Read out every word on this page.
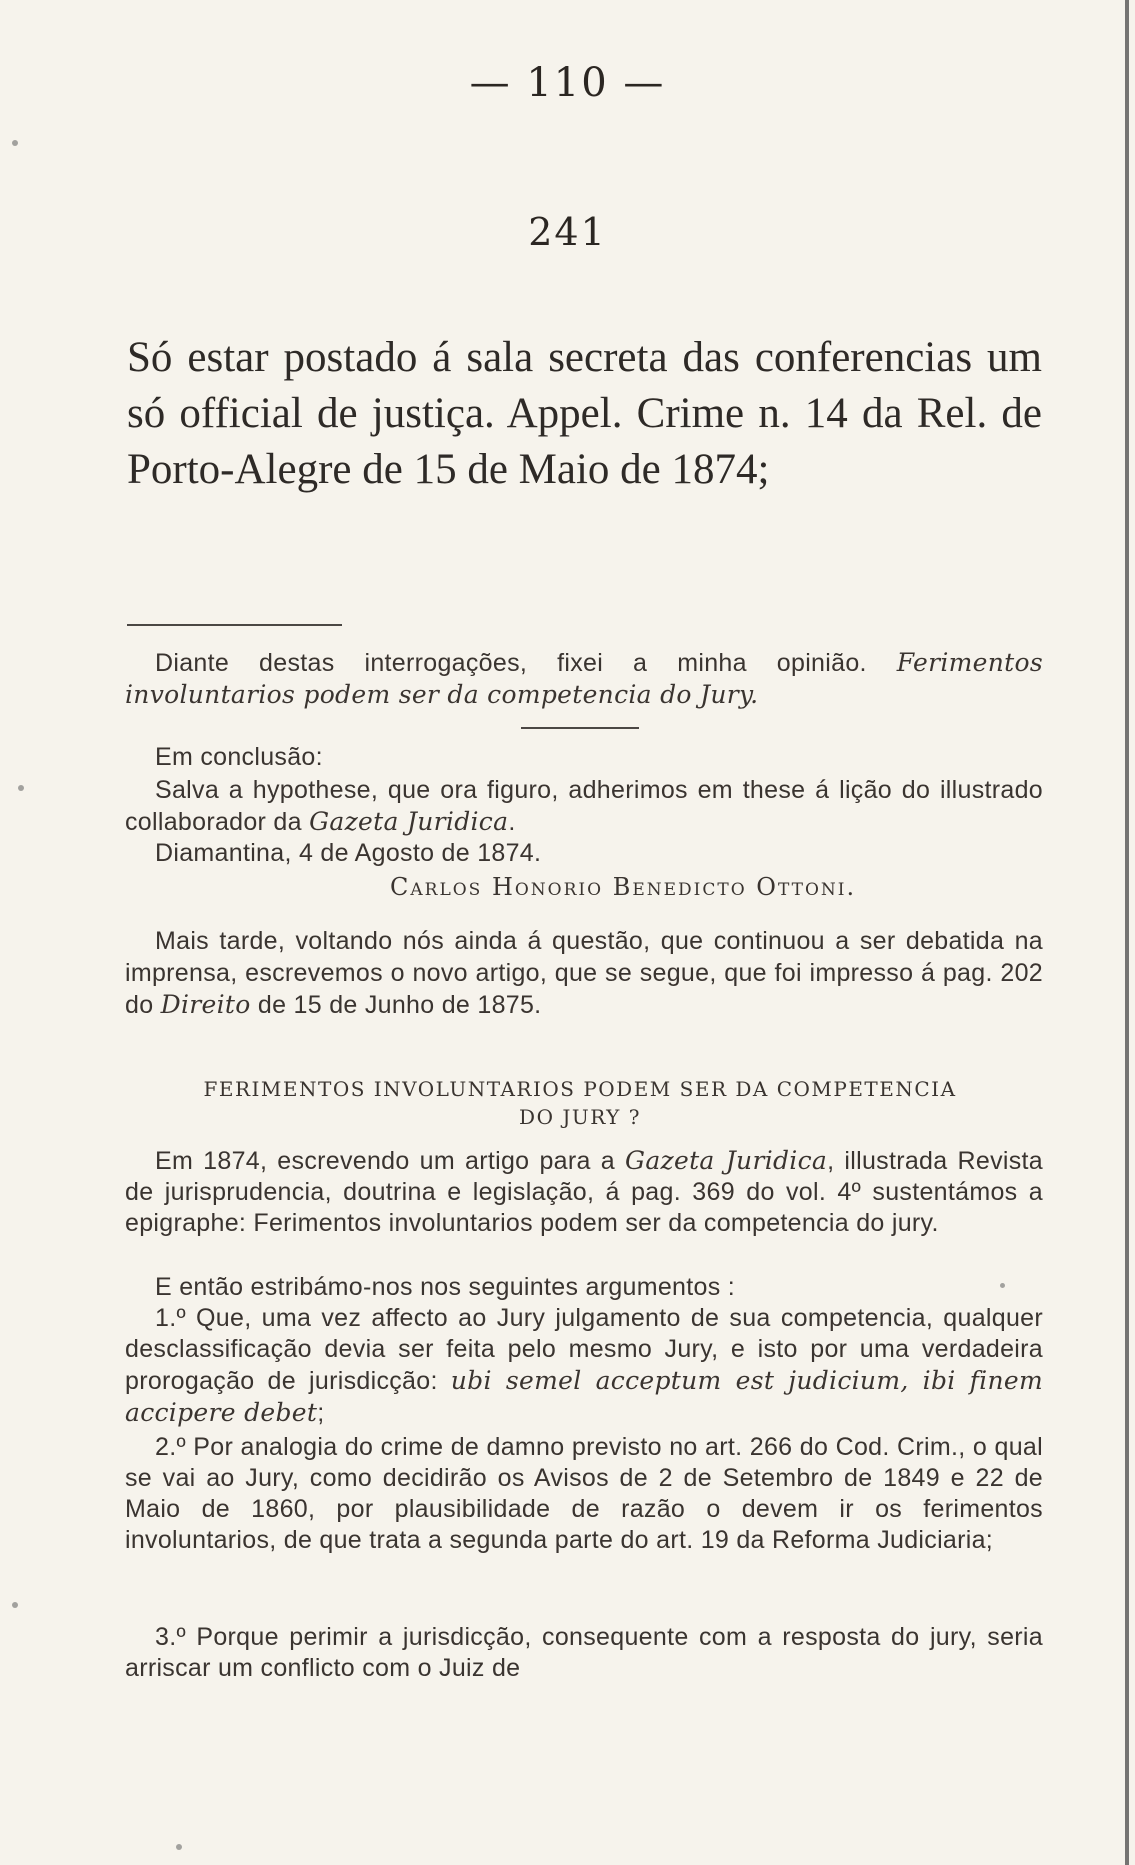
— 110 —
241
Só estar postado á sala secreta das conferencias um só official de justiça. Appel. Crime n. 14 da Rel. de Porto-Alegre de 15 de Maio de 1874;
Diante destas interrogações, fixei a minha opinião. Ferimentos involuntarios podem ser da competencia do Jury.
Em conclusão:
Salva a hypothese, que ora figuro, adherimos em these á lição do illustrado collaborador da Gazeta Juridica.
Diamantina, 4 de Agosto de 1874.
Carlos Honorio Benedicto Ottoni.
Mais tarde, voltando nós ainda á questão, que continuou a ser debatida na imprensa, escrevemos o novo artigo, que se segue, que foi impresso á pag. 202 do Direito de 15 de Junho de 1875.
FERIMENTOS INVOLUNTARIOS PODEM SER DA COMPETENCIA
DO JURY ?
Em 1874, escrevendo um artigo para a Gazeta Juridica, illustrada Revista de jurisprudencia, doutrina e legislação, á pag. 369 do vol. 4º sustentámos a epigraphe: Ferimentos involuntarios podem ser da competencia do jury.
E então estribámo-nos nos seguintes argumentos :
1.º Que, uma vez affecto ao Jury julgamento de sua competencia, qualquer desclassificação devia ser feita pelo mesmo Jury, e isto por uma verdadeira prorogação de jurisdicção: ubi semel acceptum est judicium, ibi finem accipere debet;
2.º Por analogia do crime de damno previsto no art. 266 do Cod. Crim., o qual se vai ao Jury, como decidirão os Avisos de 2 de Setembro de 1849 e 22 de Maio de 1860, por plausibilidade de razão o devem ir os ferimentos involuntarios, de que trata a segunda parte do art. 19 da Reforma Judiciaria;
3.º Porque perimir a jurisdicção, consequente com a resposta do jury, seria arriscar um conflicto com o Juiz de
